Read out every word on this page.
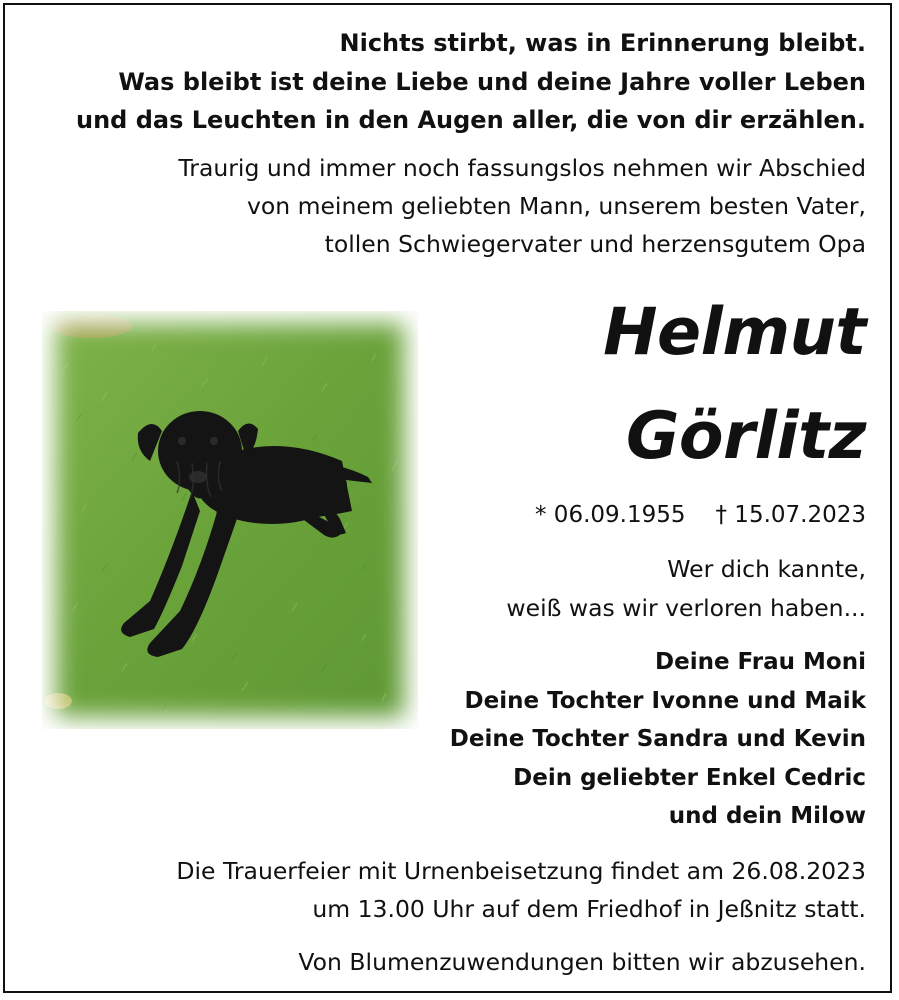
Nichts stirbt, was in Erinnerung bleibt.
Was bleibt ist deine Liebe und deine Jahre voller Leben
und das Leuchten in den Augen aller, die von dir erzählen.
Traurig und immer noch fassungslos nehmen wir Abschied
von meinem geliebten Mann, unserem besten Vater,
tollen Schwiegervater und herzensgutem Opa
Helmut
Görlitz
* 06.09.1955 † 15.07.2023
Wer dich kannte,
weiß was wir verloren haben...
Deine Frau Moni
Deine Tochter Ivonne und Maik
Deine Tochter Sandra und Kevin
Dein geliebter Enkel Cedric
und dein Milow
Die Trauerfeier mit Urnenbeisetzung findet am 26.08.2023
um 13.00 Uhr auf dem Friedhof in Jeßnitz statt.
Von Blumenzuwendungen bitten wir abzusehen.
